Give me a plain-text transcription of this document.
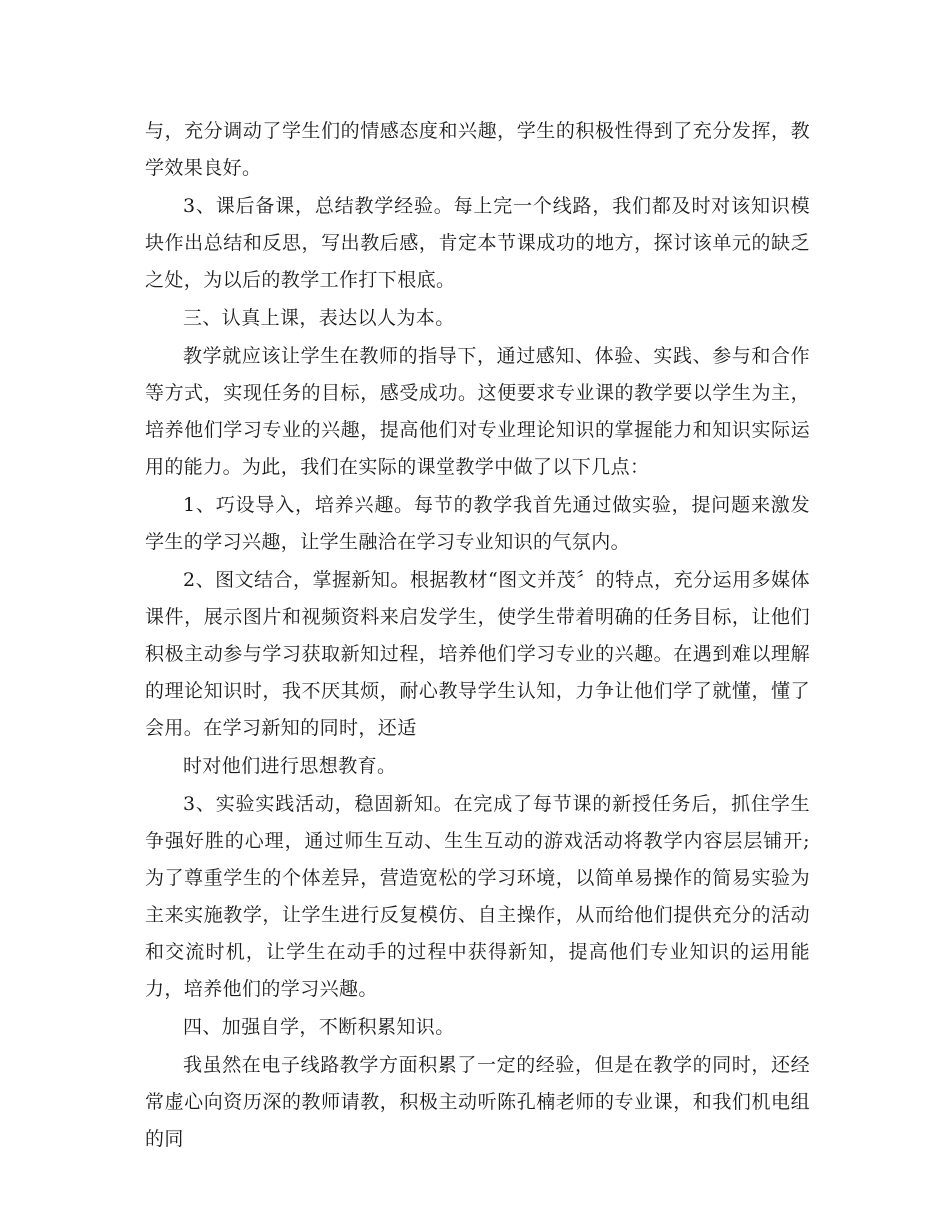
与，充分调动了学生们的情感态度和兴趣，学生的积极性得到了充分发挥，教学效果良好。

3、课后备课，总结教学经验。每上完一个线路，我们都及时对该知识模块作出总结和反思，写出教后感，肯定本节课成功的地方，探讨该单元的缺乏之处，为以后的教学工作打下根底。

三、认真上课，表达以人为本。

教学就应该让学生在教师的指导下，通过感知、体验、实践、参与和合作等方式，实现任务的目标，感受成功。这便要求专业课的教学要以学生为主，培养他们学习专业的兴趣，提高他们对专业理论知识的掌握能力和知识实际运用的能力。为此，我们在实际的课堂教学中做了以下几点：

1、巧设导入，培养兴趣。每节的教学我首先通过做实验，提问题来激发学生的学习兴趣，让学生融洽在学习专业知识的气氛内。

2、图文结合，掌握新知。根据教材“图文并茂〞的特点，充分运用多媒体课件，展示图片和视频资料来启发学生，使学生带着明确的任务目标，让他们积极主动参与学习获取新知过程，培养他们学习专业的兴趣。在遇到难以理解的理论知识时，我不厌其烦，耐心教导学生认知，力争让他们学了就懂，懂了会用。在学习新知的同时，还适

时对他们进行思想教育。

3、实验实践活动，稳固新知。在完成了每节课的新授任务后，抓住学生争强好胜的心理，通过师生互动、生生互动的游戏活动将教学内容层层铺开;为了尊重学生的个体差异，营造宽松的学习环境，以简单易操作的简易实验为主来实施教学，让学生进行反复模仿、自主操作，从而给他们提供充分的活动和交流时机，让学生在动手的过程中获得新知，提高他们专业知识的运用能力，培养他们的学习兴趣。

四、加强自学，不断积累知识。

我虽然在电子线路教学方面积累了一定的经验，但是在教学的同时，还经常虚心向资历深的教师请教，积极主动听陈孔楠老师的专业课，和我们机电组的同
